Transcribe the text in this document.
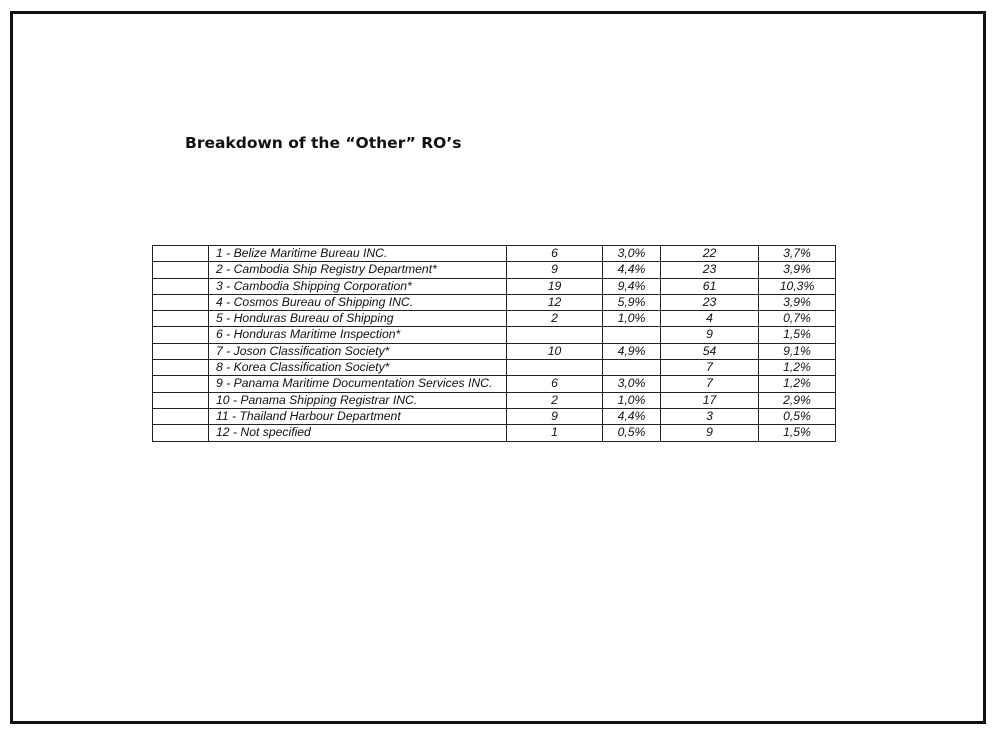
Breakdown of the “Other” RO’s
	1 - Belize Maritime Bureau INC.	6	3,0%	22	3,7%
	2 - Cambodia Ship Registry Department*	9	4,4%	23	3,9%
	3 - Cambodia Shipping Corporation*	19	9,4%	61	10,3%
	4 - Cosmos Bureau of Shipping INC.	12	5,9%	23	3,9%
	5 - Honduras Bureau of Shipping	2	1,0%	4	0,7%
	6 - Honduras Maritime Inspection*			9	1,5%
	7 - Joson Classification Society*	10	4,9%	54	9,1%
	8 - Korea Classification Society*			7	1,2%
	9 - Panama Maritime Documentation Services INC.	6	3,0%	7	1,2%
	10 - Panama Shipping Registrar INC.	2	1,0%	17	2,9%
	11 - Thailand Harbour Department	9	4,4%	3	0,5%
	12 - Not specified	1	0,5%	9	1,5%
